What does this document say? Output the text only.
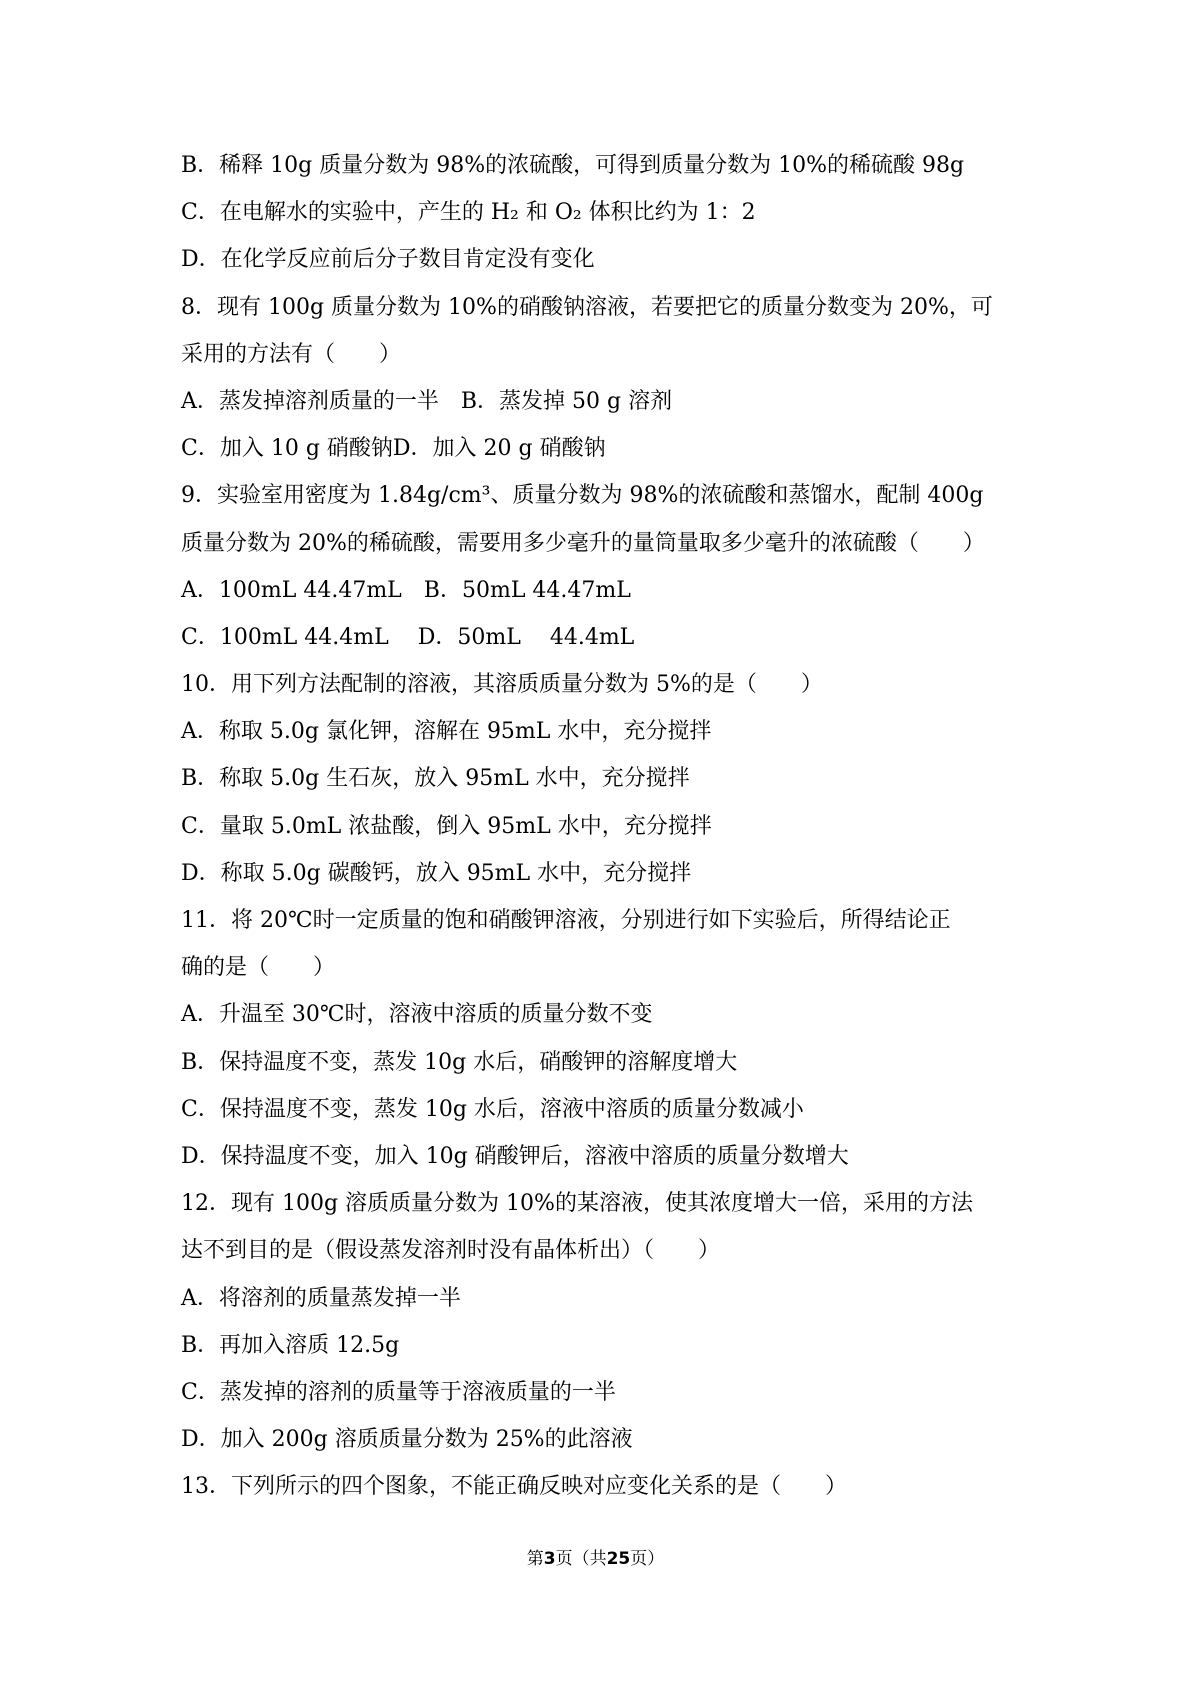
B．稀释 10g 质量分数为 98%的浓硫酸，可得到质量分数为 10%的稀硫酸 98g
C．在电解水的实验中，产生的 H₂ 和 O₂ 体积比约为 1：2
D．在化学反应前后分子数目肯定没有变化
8．现有 100g 质量分数为 10%的硝酸钠溶液，若要把它的质量分数变为 20%，可
采用的方法有（　　）
A．蒸发掉溶剂质量的一半　B．蒸发掉 50 g 溶剂
C．加入 10 g 硝酸钠D．加入 20 g 硝酸钠
9．实验室用密度为 1.84g/cm³、质量分数为 98%的浓硫酸和蒸馏水，配制 400g
质量分数为 20%的稀硫酸，需要用多少毫升的量筒量取多少毫升的浓硫酸（　　）
A．100mL 44.47mL　B．50mL 44.47mL
C．100mL 44.4mL　 D．50mL　 44.4mL
10．用下列方法配制的溶液，其溶质质量分数为 5%的是（　　）
A．称取 5.0g 氯化钾，溶解在 95mL 水中，充分搅拌
B．称取 5.0g 生石灰，放入 95mL 水中，充分搅拌
C．量取 5.0mL 浓盐酸，倒入 95mL 水中，充分搅拌
D．称取 5.0g 碳酸钙，放入 95mL 水中，充分搅拌
11．将 20℃时一定质量的饱和硝酸钾溶液，分别进行如下实验后，所得结论正
确的是（　　）
A．升温至 30℃时，溶液中溶质的质量分数不变
B．保持温度不变，蒸发 10g 水后，硝酸钾的溶解度增大
C．保持温度不变，蒸发 10g 水后，溶液中溶质的质量分数减小
D．保持温度不变，加入 10g 硝酸钾后，溶液中溶质的质量分数增大
12．现有 100g 溶质质量分数为 10%的某溶液，使其浓度增大一倍，采用的方法
达不到目的是（假设蒸发溶剂时没有晶体析出）（　　）
A．将溶剂的质量蒸发掉一半
B．再加入溶质 12.5g
C．蒸发掉的溶剂的质量等于溶液质量的一半
D．加入 200g 溶质质量分数为 25%的此溶液
13．下列所示的四个图象，不能正确反映对应变化关系的是（　　）
第3页（共25页）
